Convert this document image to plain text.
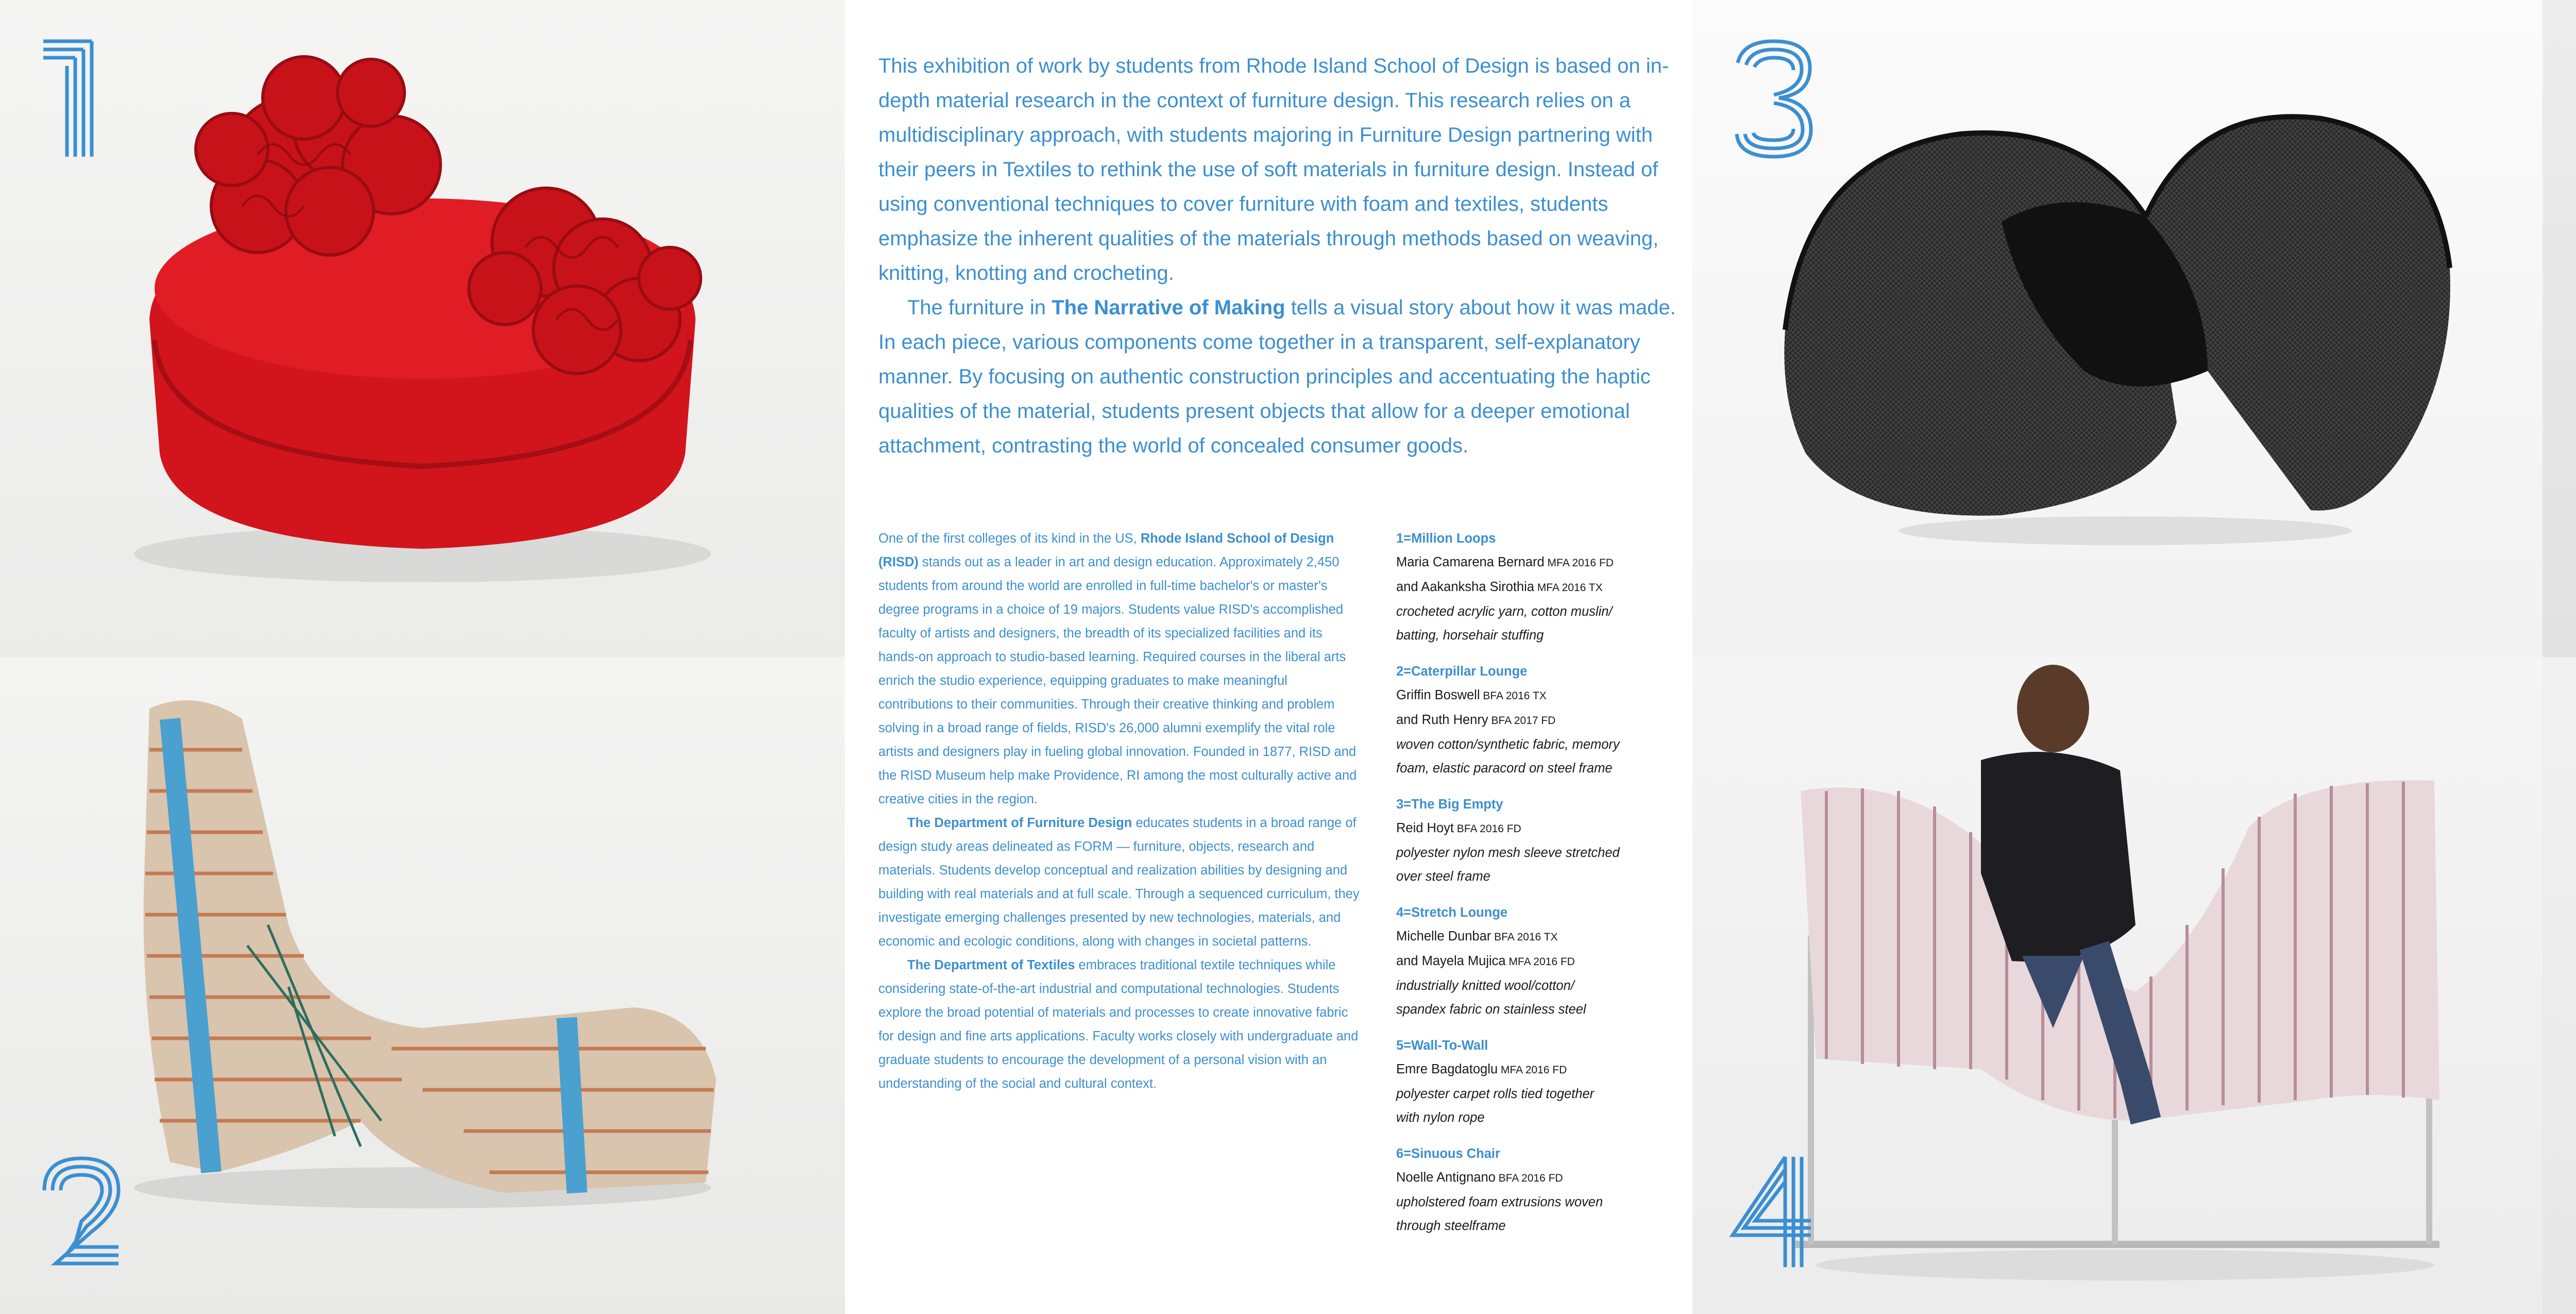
This exhibition of work by students from Rhode Island School of Design is based on in-depth material research in the context of furniture design. This research relies on a multidisciplinary approach, with students majoring in Furniture Design partnering with their peers in Textiles to rethink the use of soft materials in furniture design. Instead of using conventional techniques to cover furniture with foam and textiles, students emphasize the inherent qualities of the materials through methods based on weaving, knitting, knotting and crocheting.

The furniture in The Narrative of Making tells a visual story about how it was made. In each piece, various components come together in a transparent, self-explanatory manner. By focusing on authentic construction principles and accentuating the haptic qualities of the material, students present objects that allow for a deeper emotional attachment, contrasting the world of concealed consumer goods.

One of the first colleges of its kind in the US, Rhode Island School of Design (RISD) stands out as a leader in art and design education. Approximately 2,450 students from around the world are enrolled in full-time bachelor's or master's degree programs in a choice of 19 majors. Students value RISD's accomplished faculty of artists and designers, the breadth of its specialized facilities and its hands-on approach to studio-based learning. Required courses in the liberal arts enrich the studio experience, equipping graduates to make meaningful contributions to their communities. Through their creative thinking and problem solving in a broad range of fields, RISD's 26,000 alumni exemplify the vital role artists and designers play in fueling global innovation. Founded in 1877, RISD and the RISD Museum help make Providence, RI among the most culturally active and creative cities in the region.

The Department of Furniture Design educates students in a broad range of design study areas delineated as FORM — furniture, objects, research and materials. Students develop conceptual and realization abilities by designing and building with real materials and at full scale. Through a sequenced curriculum, they investigate emerging challenges presented by new technologies, materials, and economic and ecologic conditions, along with changes in societal patterns.

The Department of Textiles embraces traditional textile techniques while considering state-of-the-art industrial and computational technologies. Students explore the broad potential of materials and processes to create innovative fabric for design and fine arts applications. Faculty works closely with undergraduate and graduate students to encourage the development of a personal vision with an understanding of the social and cultural context.

1=Million Loops
Maria Camarena Bernard MFA 2016 FD
and Aakanksha Sirothia MFA 2016 TX
crocheted acrylic yarn, cotton muslin/
batting, horsehair stuffing
2=Caterpillar Lounge
Griffin Boswell BFA 2016 TX
and Ruth Henry BFA 2017 FD
woven cotton/synthetic fabric, memory
foam, elastic paracord on steel frame
3=The Big Empty
Reid Hoyt BFA 2016 FD
polyester nylon mesh sleeve stretched
over steel frame
4=Stretch Lounge
Michelle Dunbar BFA 2016 TX
and Mayela Mujica MFA 2016 FD
industrially knitted wool/cotton/
spandex fabric on stainless steel
5=Wall-To-Wall
Emre Bagdatoglu MFA 2016 FD
polyester carpet rolls tied together
with nylon rope
6=Sinuous Chair
Noelle Antignano BFA 2016 FD
upholstered foam extrusions woven
through steelframe
